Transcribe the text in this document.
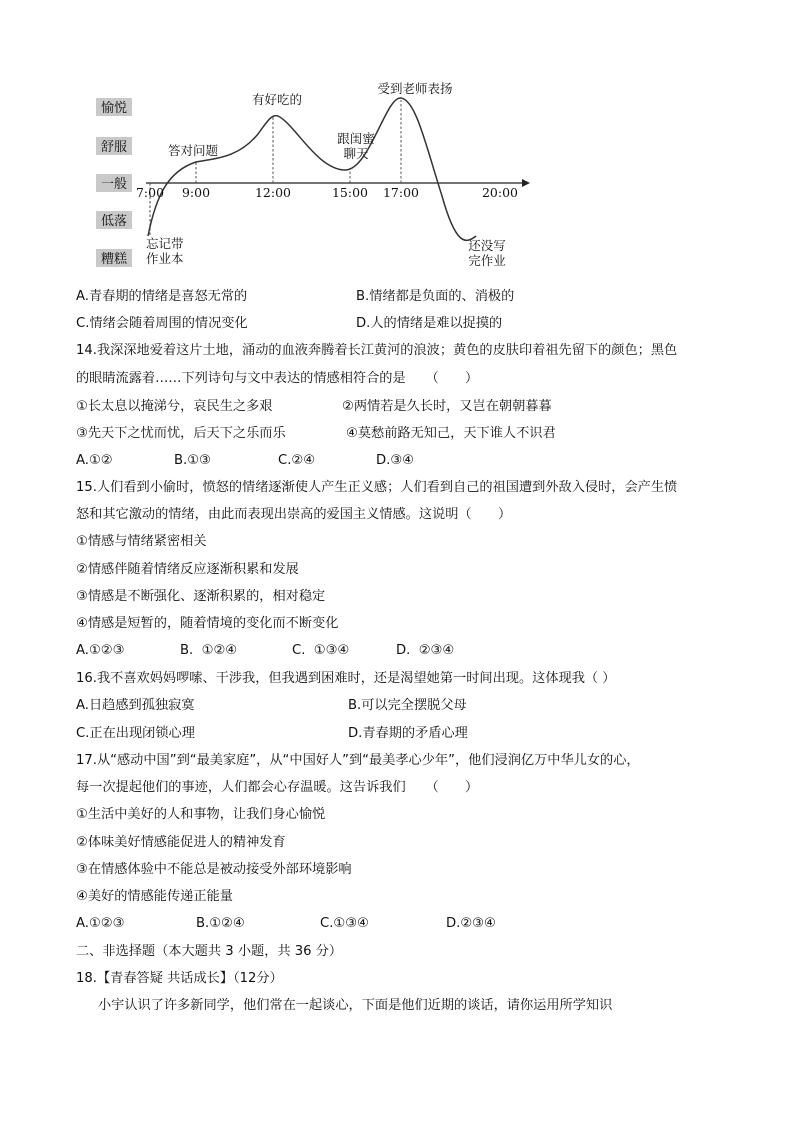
愉悦
舒服
一般
低落
糟糕
7:00 9:00	12:00	15:00 17:00	20:00
忘记带
作业本
答对问题
有好吃的
跟闺蜜
聊天
受到老师表扬
还没写
完作业
A.青春期的情绪是喜怒无常的	B.情绪都是负面的、消极的
C.情绪会随着周围的情况变化	D.人的情绪是难以捉摸的
14.我深深地爱着这片土地，涌动的血液奔腾着长江黄河的浪波；黄色的皮肤印着祖先留下的颜色；黑色
的眼睛流露着……下列诗句与文中表达的情感相符合的是　　（　　）
①长太息以掩涕兮，哀民生之多艰	②两情若是久长时，又岂在朝朝暮暮
③先天下之忧而忧，后天下之乐而乐	④莫愁前路无知己，天下谁人不识君
A.①②	B.①③	C.②④	D.③④
15.人们看到小偷时，愤怒的情绪逐渐使人产生正义感；人们看到自己的祖国遭到外敌入侵时，会产生愤
怒和其它激动的情绪，由此而表现出崇高的爱国主义情感。这说明（　　）
①情感与情绪紧密相关
②情感伴随着情绪反应逐渐积累和发展
③情感是不断强化、逐渐积累的，相对稳定
④情感是短暂的，随着情境的变化而不断变化
A.①②③	B.  ①②④	C.  ①③④	D.  ②③④
16.我不喜欢妈妈啰嗦、干涉我，但我遇到困难时，还是渴望她第一时间出现。这体现我（ ）
A.日趋感到孤独寂寞	B.可以完全摆脱父母
C.正在出现闭锁心理	D.青春期的矛盾心理
17.从“感动中国”到“最美家庭”，从“中国好人”到“最美孝心少年”，他们浸润亿万中华儿女的心，
每一次提起他们的事迹，人们都会心存温暖。这告诉我们　　（　　）
①生活中美好的人和事物，让我们身心愉悦
②体味美好情感能促进人的精神发育
③在情感体验中不能总是被动接受外部环境影响
④美好的情感能传递正能量
A.①②③	B.①②④	C.①③④	D.②③④
二、非选择题（本大题共 3 小题，共 36 分）
18.【青春答疑 共话成长】（12分）
小宇认识了许多新同学，他们常在一起谈心，下面是他们近期的谈话，请你运用所学知识
